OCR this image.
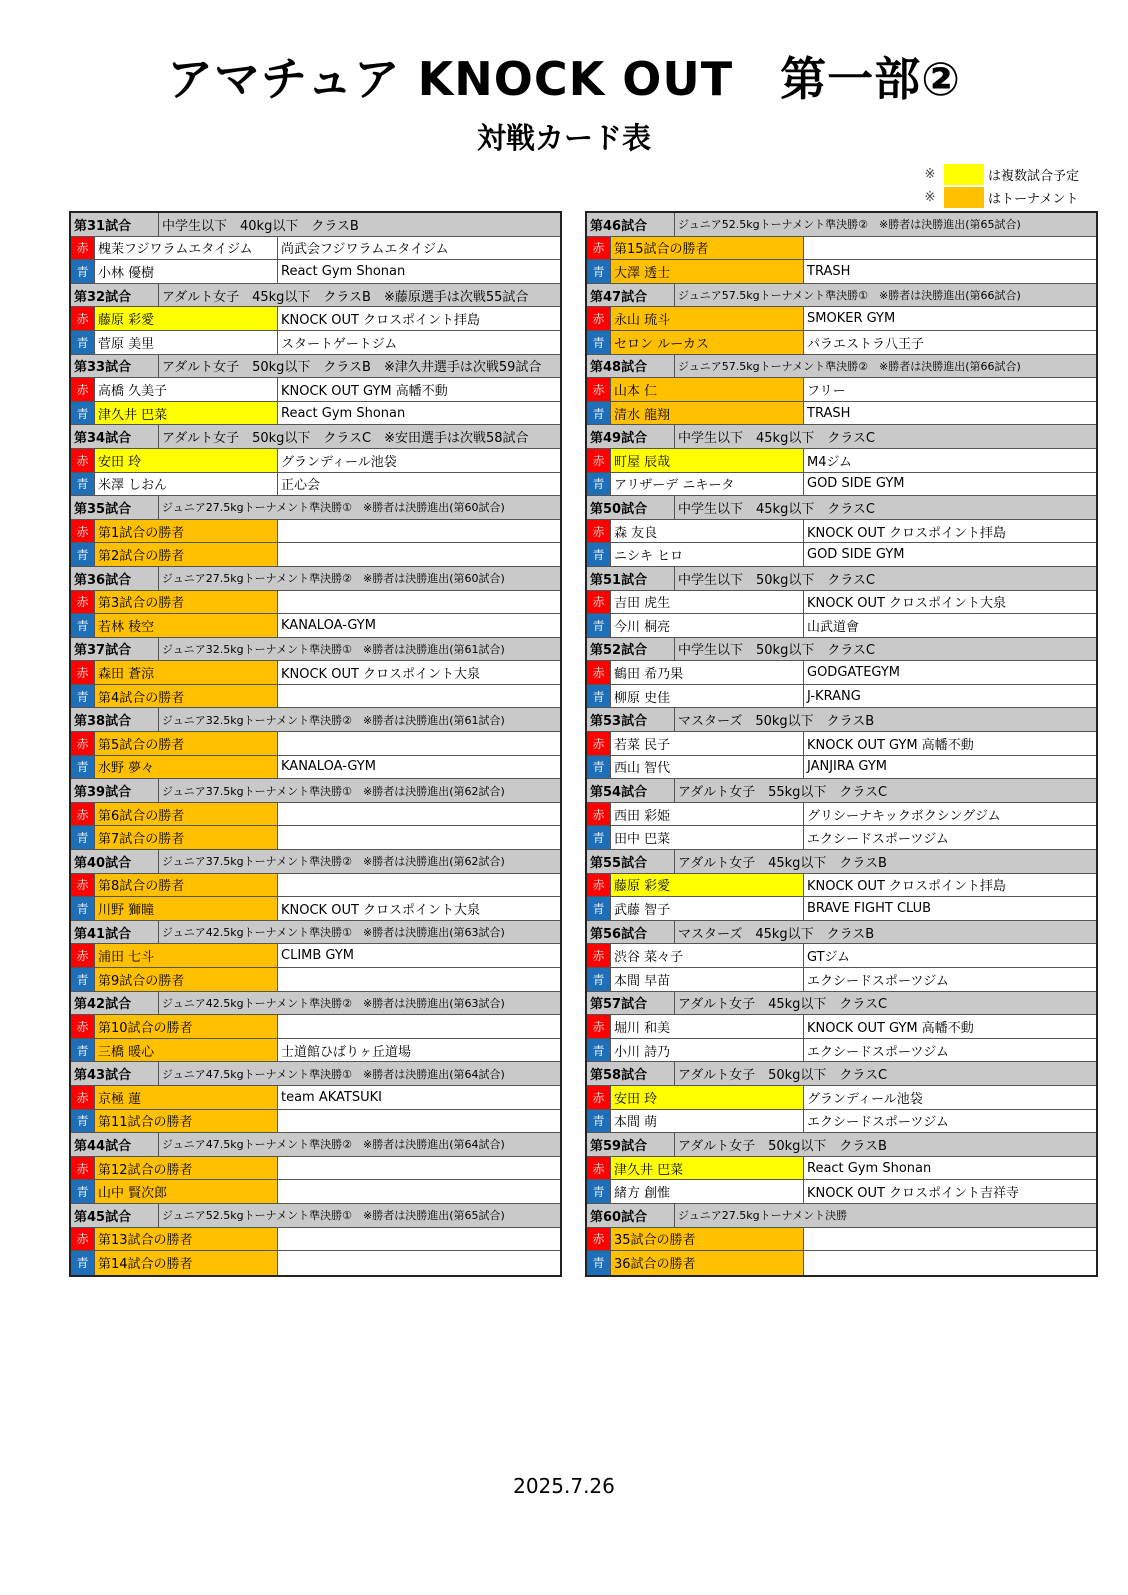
アマチュア KNOCK OUT　第一部②
対戦カード表
※	は複数試合予定
※	はトーナメント
第31試合	中学生以下　40kg以下　クラスB
赤 槐茉フジワラムエタイジム	尚武会フジワラムエタイジム
青 小林 優樹	React Gym Shonan
第32試合	アダルト女子　45kg以下　クラスB　※藤原選手は次戦55試合
赤 藤原 彩愛	KNOCK OUT クロスポイント拝島
青 菅原 美里	スタートゲートジム
第33試合	アダルト女子　50kg以下　クラスB　※津久井選手は次戦59試合
赤 高橋 久美子	KNOCK OUT GYM 高幡不動
青 津久井 巴菜	React Gym Shonan
第34試合	アダルト女子　50kg以下　クラスC　※安田選手は次戦58試合
赤 安田 玲	グランディール池袋
青 米澤 しおん	正心会
第35試合	ジュニア27.5kgトーナメント準決勝①　※勝者は決勝進出(第60試合)
赤 第1試合の勝者
青 第2試合の勝者
第36試合	ジュニア27.5kgトーナメント準決勝②　※勝者は決勝進出(第60試合)
赤 第3試合の勝者
青 若林 稜空	KANALOA-GYM
第37試合	ジュニア32.5kgトーナメント準決勝①　※勝者は決勝進出(第61試合)
赤 森田 蒼涼	KNOCK OUT クロスポイント大泉
青 第4試合の勝者
第38試合	ジュニア32.5kgトーナメント準決勝②　※勝者は決勝進出(第61試合)
赤 第5試合の勝者
青 水野 夢々	KANALOA-GYM
第39試合	ジュニア37.5kgトーナメント準決勝①　※勝者は決勝進出(第62試合)
赤 第6試合の勝者
青 第7試合の勝者
第40試合	ジュニア37.5kgトーナメント準決勝②　※勝者は決勝進出(第62試合)
赤 第8試合の勝者
青 川野 獅瞳	KNOCK OUT クロスポイント大泉
第41試合	ジュニア42.5kgトーナメント準決勝①　※勝者は決勝進出(第63試合)
赤 浦田 七斗	CLIMB GYM
青 第9試合の勝者
第42試合	ジュニア42.5kgトーナメント準決勝②　※勝者は決勝進出(第63試合)
赤 第10試合の勝者
青 三橋 暖心	士道館ひばりヶ丘道場
第43試合	ジュニア47.5kgトーナメント準決勝①　※勝者は決勝進出(第64試合)
赤 京極 蓮	team AKATSUKI
青 第11試合の勝者
第44試合	ジュニア47.5kgトーナメント準決勝②　※勝者は決勝進出(第64試合)
赤 第12試合の勝者
青 山中 賢次郎
第45試合	ジュニア52.5kgトーナメント準決勝①　※勝者は決勝進出(第65試合)
赤 第13試合の勝者
青 第14試合の勝者
第46試合	ジュニア52.5kgトーナメント準決勝②　※勝者は決勝進出(第65試合)
赤 第15試合の勝者
青 大澤 透士	TRASH
第47試合	ジュニア57.5kgトーナメント準決勝①　※勝者は決勝進出(第66試合)
赤 永山 琉斗	SMOKER GYM
青 セロン ルーカス	パラエストラ八王子
第48試合	ジュニア57.5kgトーナメント準決勝②　※勝者は決勝進出(第66試合)
赤 山本 仁	フリー
青 清水 龍翔	TRASH
第49試合	中学生以下　45kg以下　クラスC
赤 町屋 辰哉	M4ジム
青 アリザーデ ニキータ	GOD SIDE GYM
第50試合	中学生以下　45kg以下　クラスC
赤 森 友良	KNOCK OUT クロスポイント拝島
青 ニシキ ヒロ	GOD SIDE GYM
第51試合	中学生以下　50kg以下　クラスC
赤 吉田 虎生	KNOCK OUT クロスポイント大泉
青 今川 桐亮	山武道會
第52試合	中学生以下　50kg以下　クラスC
赤 鶴田 希乃果	GODGATEGYM
青 柳原 史佳	J-KRANG
第53試合	マスターズ　50kg以下　クラスB
赤 若菜 民子	KNOCK OUT GYM 高幡不動
青 西山 智代	JANJIRA GYM
第54試合	アダルト女子　55kg以下　クラスC
赤 西田 彩姫	グリシーナキックボクシングジム
青 田中 巴菜	エクシードスポーツジム
第55試合	アダルト女子　45kg以下　クラスB
赤 藤原 彩愛	KNOCK OUT クロスポイント拝島
青 武藤 智子	BRAVE FIGHT CLUB
第56試合	マスターズ　45kg以下　クラスB
赤 渋谷 菜々子	GTジム
青 本間 早苗	エクシードスポーツジム
第57試合	アダルト女子　45kg以下　クラスC
赤 堀川 和美	KNOCK OUT GYM 高幡不動
青 小川 詩乃	エクシードスポーツジム
第58試合	アダルト女子　50kg以下　クラスC
赤 安田 玲	グランディール池袋
青 本間 萌	エクシードスポーツジム
第59試合	アダルト女子　50kg以下　クラスB
赤 津久井 巴菜	React Gym Shonan
青 緒方 創惟	KNOCK OUT クロスポイント吉祥寺
第60試合	ジュニア27.5kgトーナメント決勝
赤 35試合の勝者
青 36試合の勝者
2025.7.26
